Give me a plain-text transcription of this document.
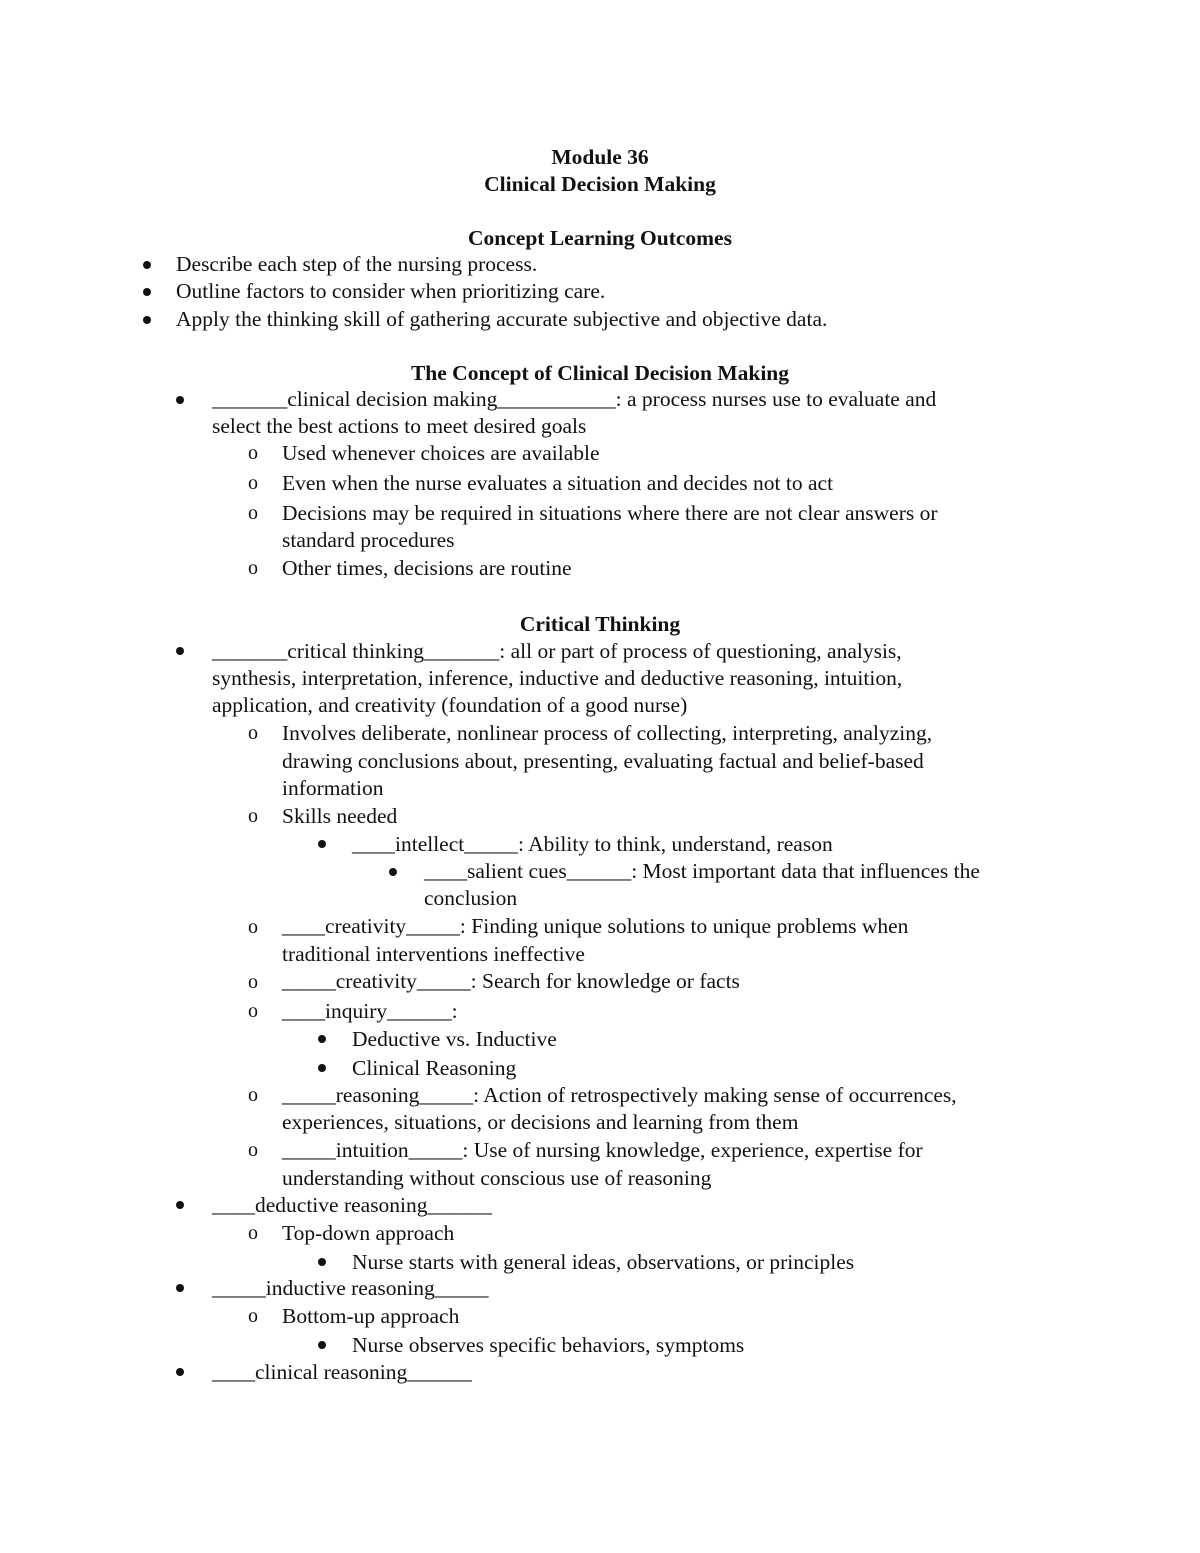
Module 36
Clinical Decision Making
Concept Learning Outcomes
Describe each step of the nursing process.
Outline factors to consider when prioritizing care.
Apply the thinking skill of gathering accurate subjective and objective data.
The Concept of Clinical Decision Making
_______clinical decision making___________: a process nurses use to evaluate and
select the best actions to meet desired goals
o Used whenever choices are available
o Even when the nurse evaluates a situation and decides not to act
o Decisions may be required in situations where there are not clear answers or
standard procedures
o Other times, decisions are routine
Critical Thinking
_______critical thinking_______: all or part of process of questioning, analysis,
synthesis, interpretation, inference, inductive and deductive reasoning, intuition,
application, and creativity (foundation of a good nurse)
o Involves deliberate, nonlinear process of collecting, interpreting, analyzing,
drawing conclusions about, presenting, evaluating factual and belief-based
information
o Skills needed
____intellect_____: Ability to think, understand, reason
____salient cues______: Most important data that influences the
conclusion
o ____creativity_____: Finding unique solutions to unique problems when
traditional interventions ineffective
o _____creativity_____: Search for knowledge or facts
o ____inquiry______:
Deductive vs. Inductive
Clinical Reasoning
o _____reasoning_____: Action of retrospectively making sense of occurrences,
experiences, situations, or decisions and learning from them
o _____intuition_____: Use of nursing knowledge, experience, expertise for
understanding without conscious use of reasoning
____deductive reasoning______
o Top-down approach
Nurse starts with general ideas, observations, or principles
_____inductive reasoning_____
o Bottom-up approach
Nurse observes specific behaviors, symptoms
____clinical reasoning______
